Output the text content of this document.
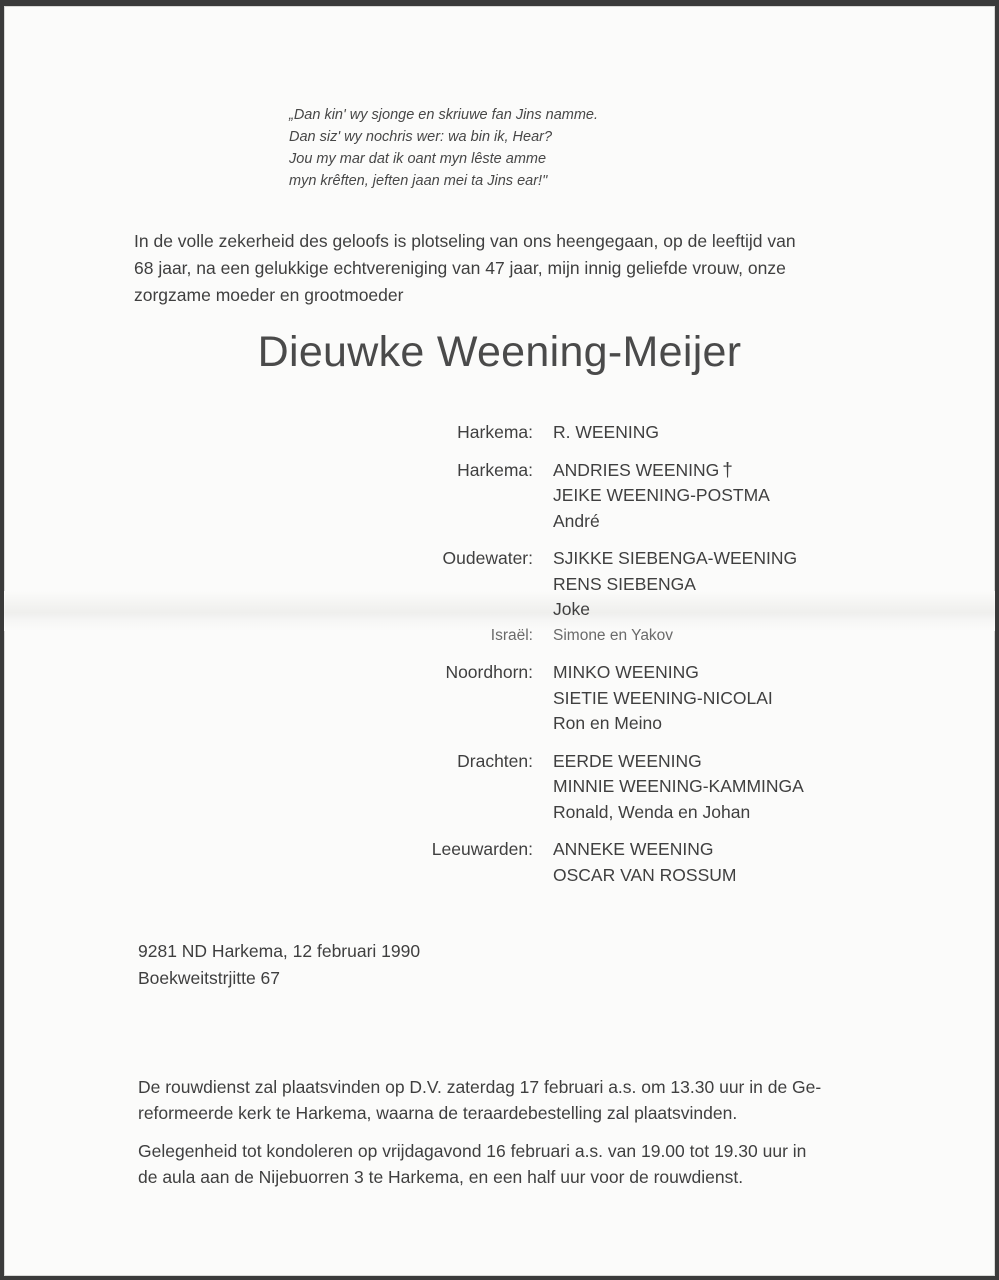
„Dan kin' wy sjonge en skriuwe fan Jins namme.
Dan siz' wy nochris wer: wa bin ik, Hear?
Jou my mar dat ik oant myn lêste amme
myn krêften, jeften jaan mei ta Jins ear!"
In de volle zekerheid des geloofs is plotseling van ons heengegaan, op de leeftijd van
68 jaar, na een gelukkige echtvereniging van 47 jaar, mijn innig geliefde vrouw, onze
zorgzame moeder en grootmoeder
Dieuwke Weening-Meijer
Harkema: R. WEENING
Harkema: ANDRIES WEENING †
JEIKE WEENING-POSTMA
André
Oudewater: SJIKKE SIEBENGA-WEENING
RENS SIEBENGA
Joke
Israël: Simone en Yakov
Noordhorn: MINKO WEENING
SIETIE WEENING-NICOLAI
Ron en Meino
Drachten: EERDE WEENING
MINNIE WEENING-KAMMINGA
Ronald, Wenda en Johan
Leeuwarden: ANNEKE WEENING
OSCAR VAN ROSSUM
9281 ND Harkema, 12 februari 1990
Boekweitstrjitte 67
De rouwdienst zal plaatsvinden op D.V. zaterdag 17 februari a.s. om 13.30 uur in de Ge-
reformeerde kerk te Harkema, waarna de teraardebestelling zal plaatsvinden.
Gelegenheid tot kondoleren op vrijdagavond 16 februari a.s. van 19.00 tot 19.30 uur in
de aula aan de Nijebuorren 3 te Harkema, en een half uur voor de rouwdienst.
